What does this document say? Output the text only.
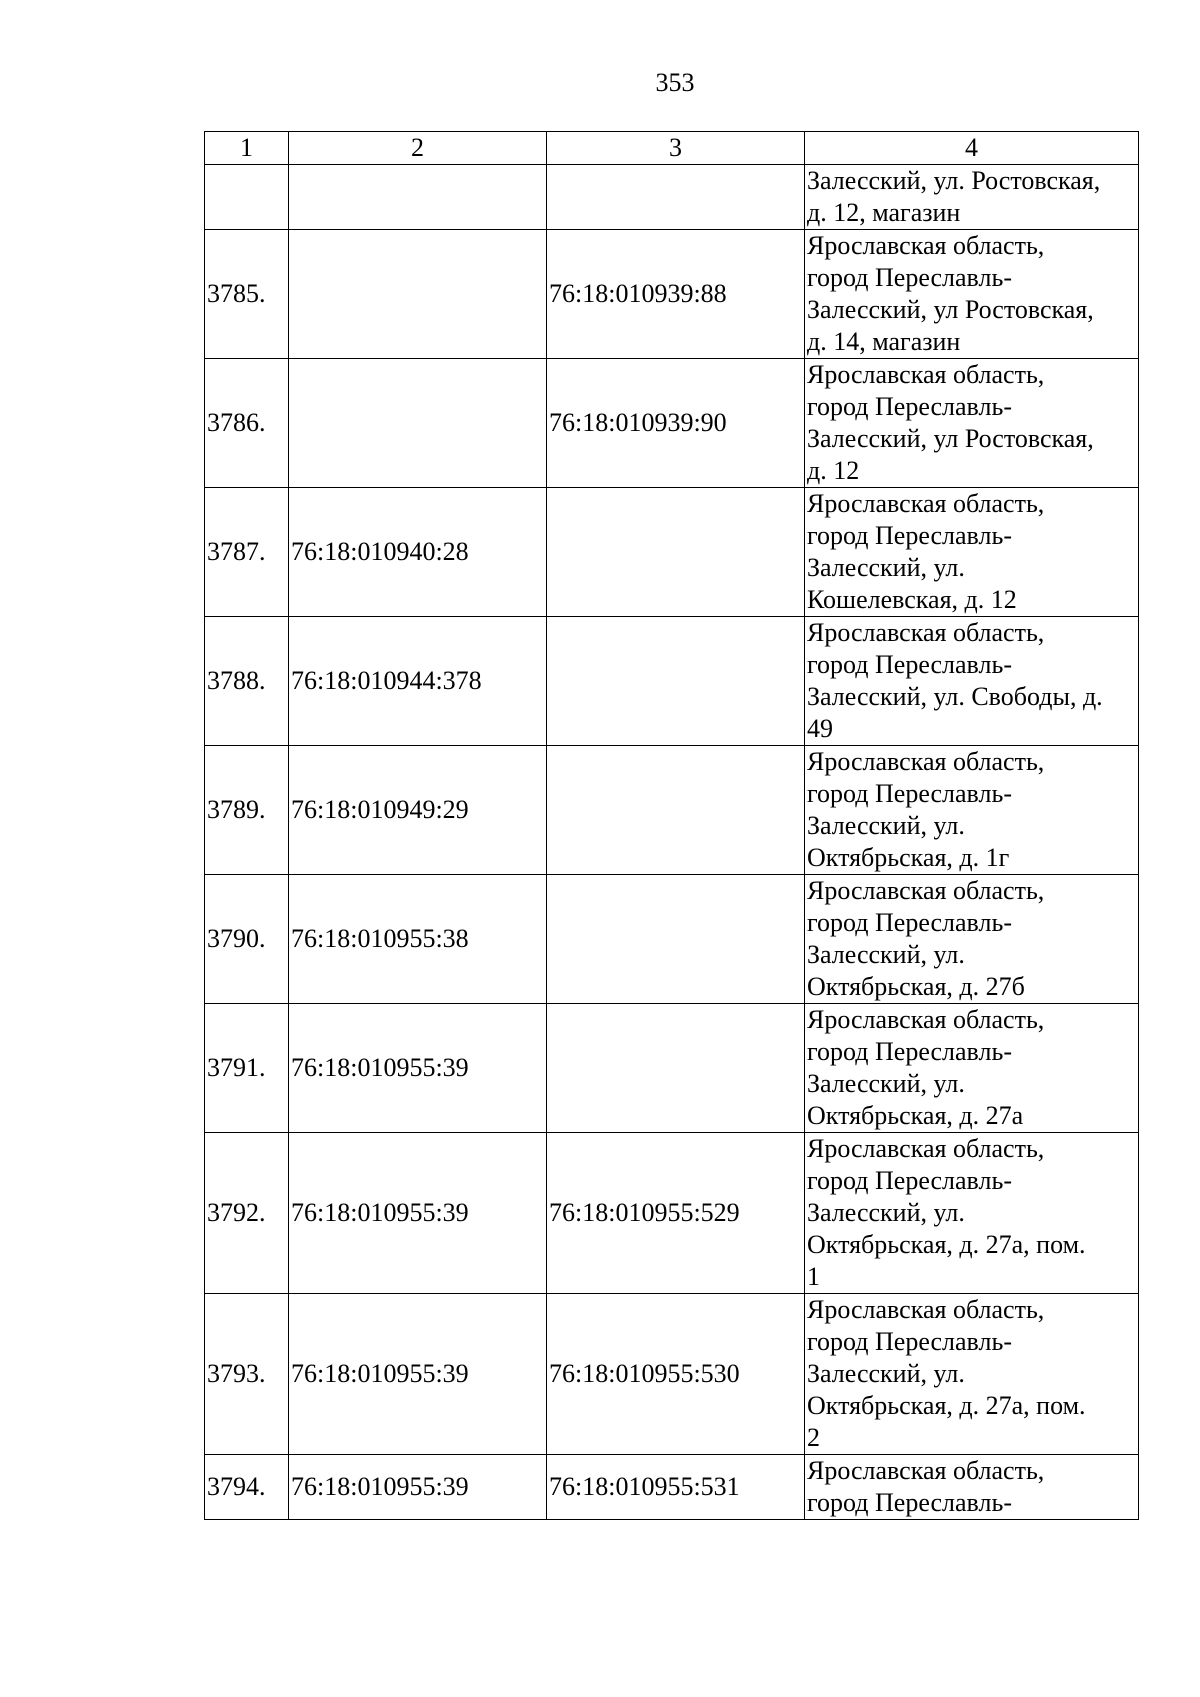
353
1	2	3	4
			Залесский, ул. Ростовская,
д. 12, магазин
3785.		76:18:010939:88	Ярославская область,
город Переславль-
Залесский, ул Ростовская,
д. 14, магазин
3786.		76:18:010939:90	Ярославская область,
город Переславль-
Залесский, ул Ростовская,
д. 12
3787.	76:18:010940:28		Ярославская область,
город Переславль-
Залесский, ул.
Кошелевская, д. 12
3788.	76:18:010944:378		Ярославская область,
город Переславль-
Залесский, ул. Свободы, д.
49
3789.	76:18:010949:29		Ярославская область,
город Переславль-
Залесский, ул.
Октябрьская, д. 1г
3790.	76:18:010955:38		Ярославская область,
город Переславль-
Залесский, ул.
Октябрьская, д. 27б
3791.	76:18:010955:39		Ярославская область,
город Переславль-
Залесский, ул.
Октябрьская, д. 27а
3792.	76:18:010955:39	76:18:010955:529	Ярославская область,
город Переславль-
Залесский, ул.
Октябрьская, д. 27а, пом.
1
3793.	76:18:010955:39	76:18:010955:530	Ярославская область,
город Переславль-
Залесский, ул.
Октябрьская, д. 27а, пом.
2
3794.	76:18:010955:39	76:18:010955:531	Ярославская область,
город Переславль-
